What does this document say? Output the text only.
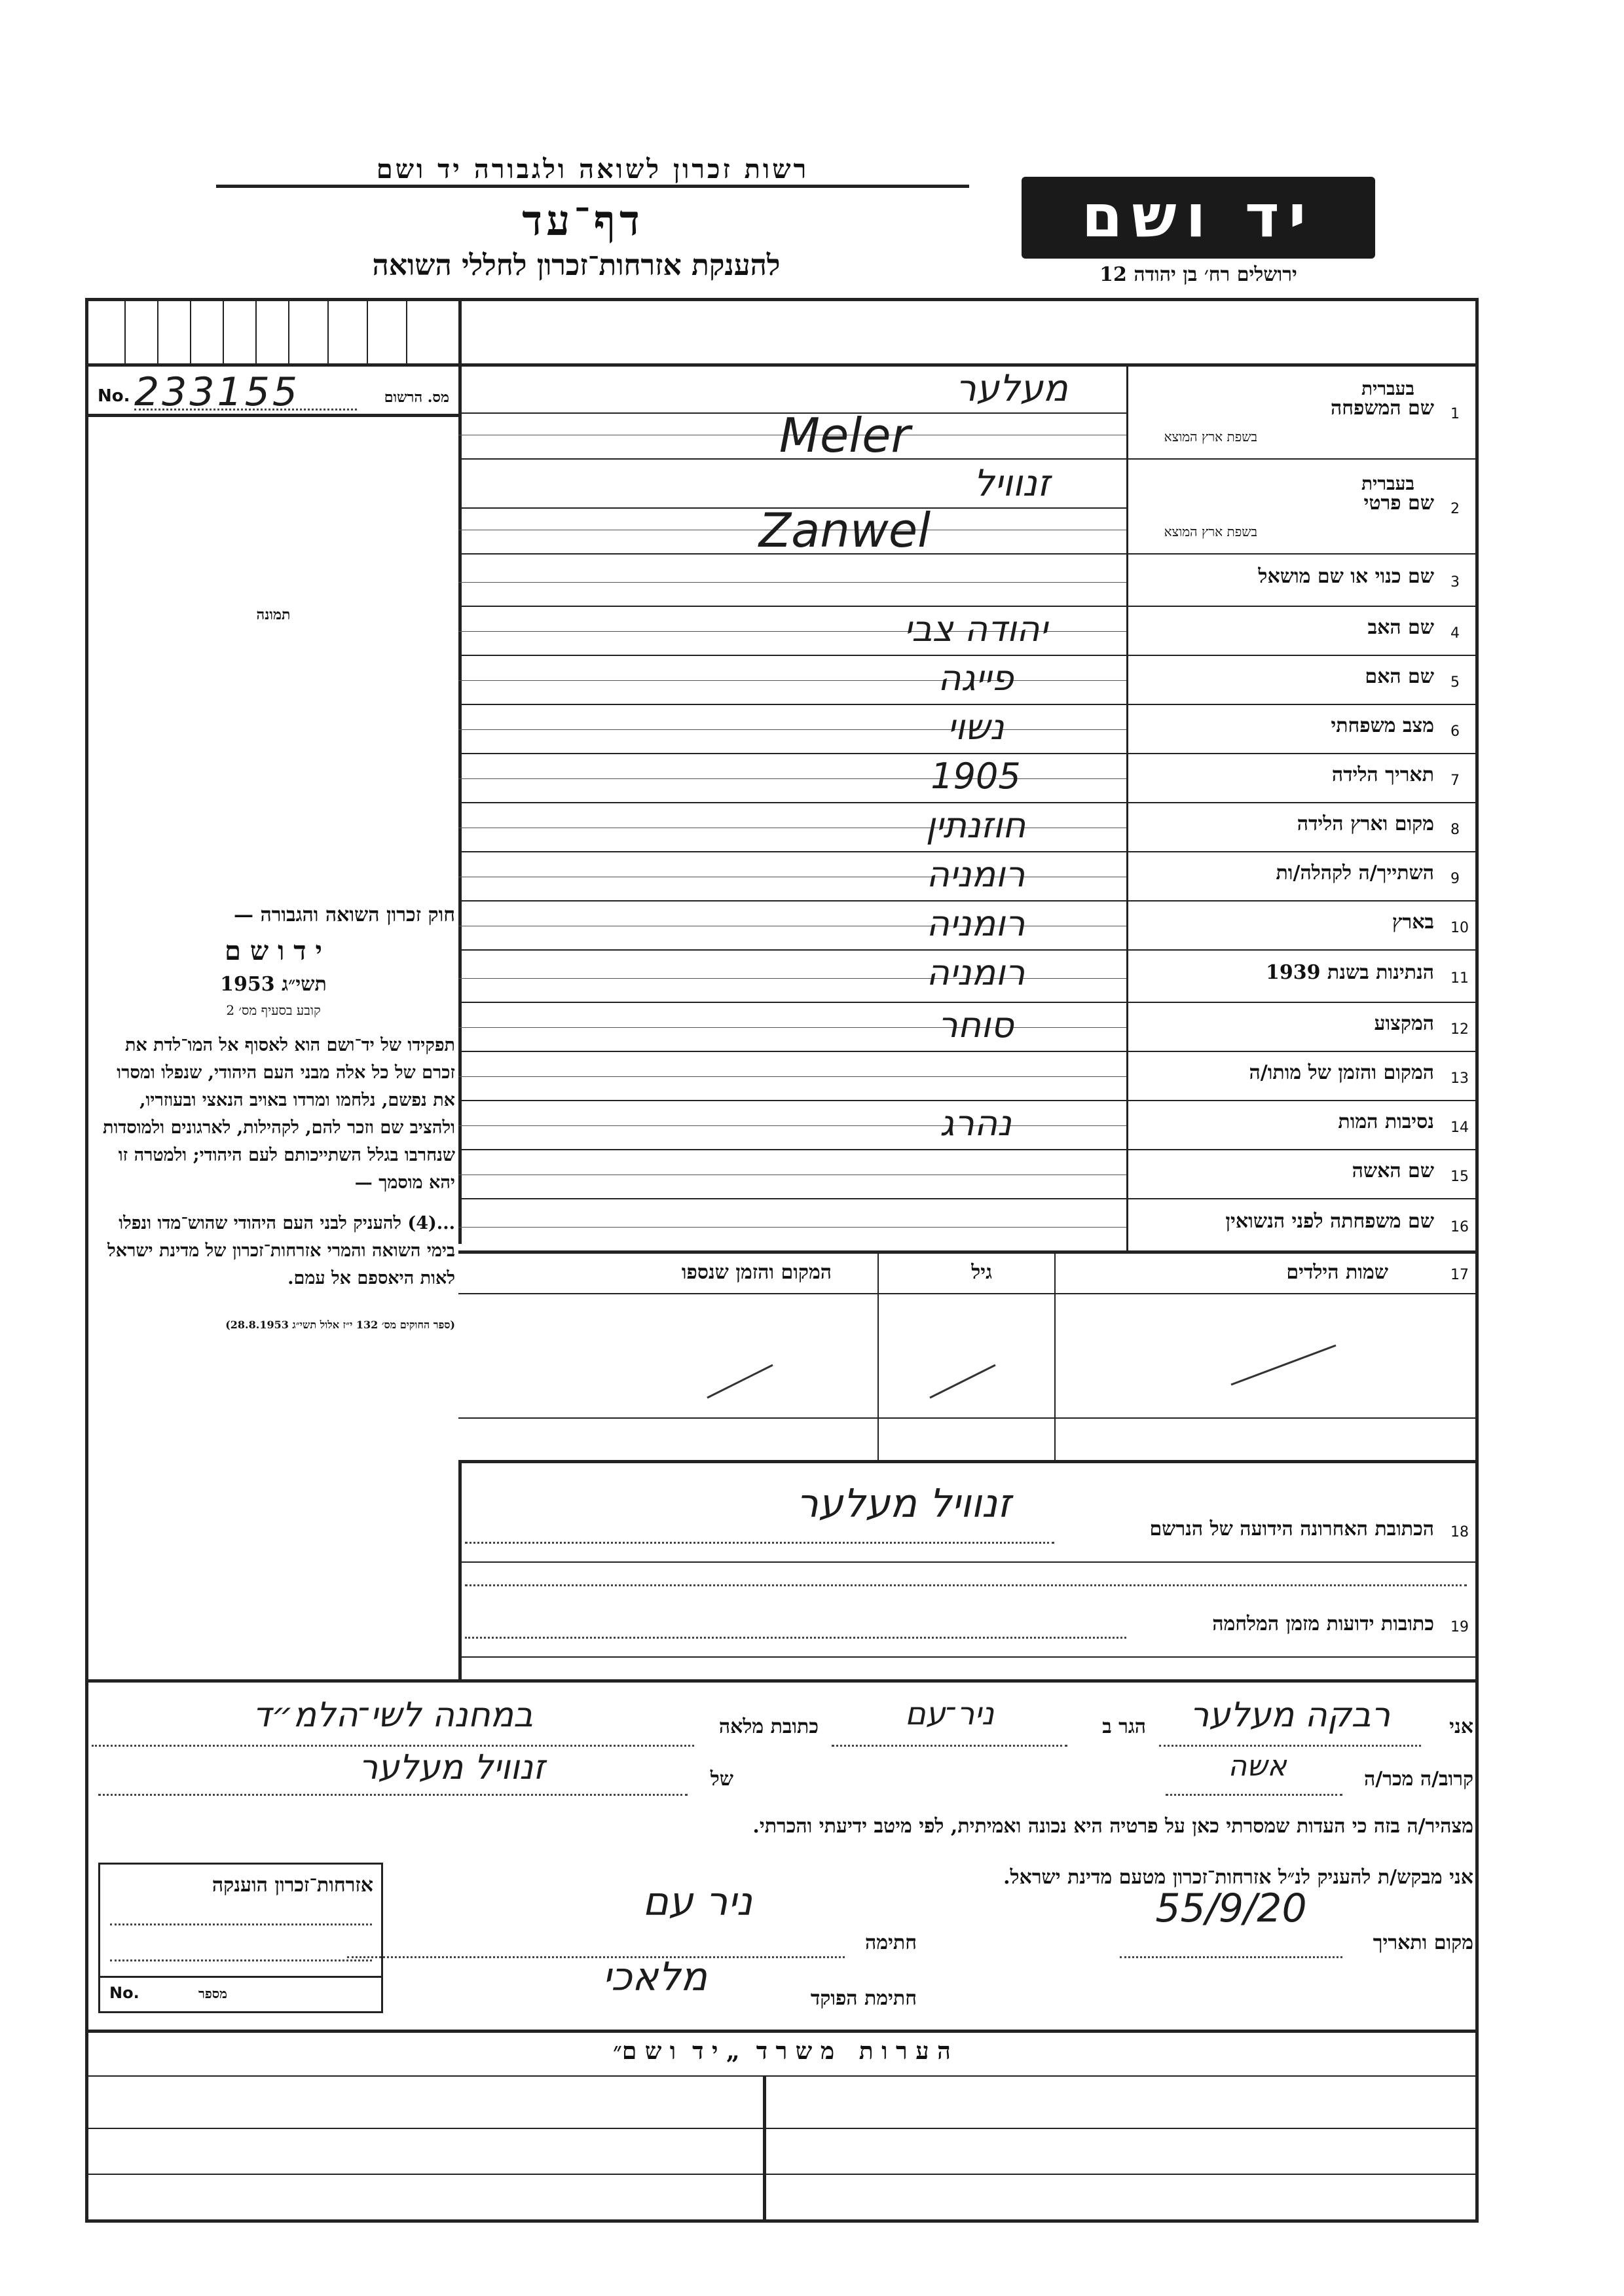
רשות זכרון לשואה ולגבורה יד ושם
דף־עד
להענקת אזרחות־זכרון לחללי השואה
יד ושם
ירושלים רח׳ בן יהודה 12
No. 233155	מס. הרשום
תמונה
חוק זכרון השואה והגבורה —
י ד ו ש ם
תשי״ג 1953
קובע בסעיף מס׳ 2
תפקידו של יד־ושם הוא לאסוף אל המו־לדת את זכרם של כל אלה מבני העם היהודי, שנפלו ומסרו את נפשם, נלחמו ומרדו באויב הנאצי ובעוזריו, ולהציב שם וזכר להם, לקהילות, לארגונים ולמוסדות שנחרבו בגלל השתייכותם לעם היהודי; ולמטרה זו יהא מוסמך —
...(4) להעניק לבני העם היהודי שהוש־מדו ונפלו בימי השואה והמרי אזרחות־זכרון של מדינת ישראל לאות היאספם אל עמם.
(ספר החוקים מס׳ 132 י״ז אלול תשי״ג 28.8.1953)
1
שם המשפחה
בעברית
בשפת ארץ המוצא
מעלער
Meler
2
שם פרטי
בעברית
בשפת ארץ המוצא
זנוויל
Zanwel
3
שם כנוי או שם מושאל
4
שם האב
יהודה צבי
5
שם האם
פייגה
6
מצב משפחתי
נשוי
7
תאריך הלידה
1905
8
מקום וארץ הלידה
חוזנתין
9
השתייך/ה לקהלה/ות
רומניה
10
בארץ
רומניה
11
הנתינות בשנת 1939
רומניה
12
המקצוע
סוחר
13
המקום והזמן של מותו/ה
14
נסיבות המות
נהרג
15
שם האשה
16
שם משפחתה לפני הנשואין
17
שמות הילדים
גיל
המקום והזמן שנספו
18
הכתובת האחרונה הידועה של הנרשם
זנוויל מעלער
19
כתובות ידועות מזמן המלחמה
אני
רבקה מעלער
הגר ב
ניר־עם
כתובת מלאה
במחנה לשי־הלמ״ד
קרוב/ה מכר/ה
אשה
של
זנוויל מעלער
מצהיר/ה בזה כי העדות שמסרתי כאן על פרטיה היא נכונה ואמיתית, לפי מיטב ידיעתי והכרתי.
אני מבקש/ת להעניק לנ״ל אזרחות־זכרון מטעם מדינת ישראל.
מקום ותאריך
55/9/20
חתימה
ניר עם
חתימת הפוקד
מלאכי
אזרחות־זכרון הוענקה
No.	מספר
ה ע ר ו ת   מ ש ר ד  „ י ד  ו ש ם״
